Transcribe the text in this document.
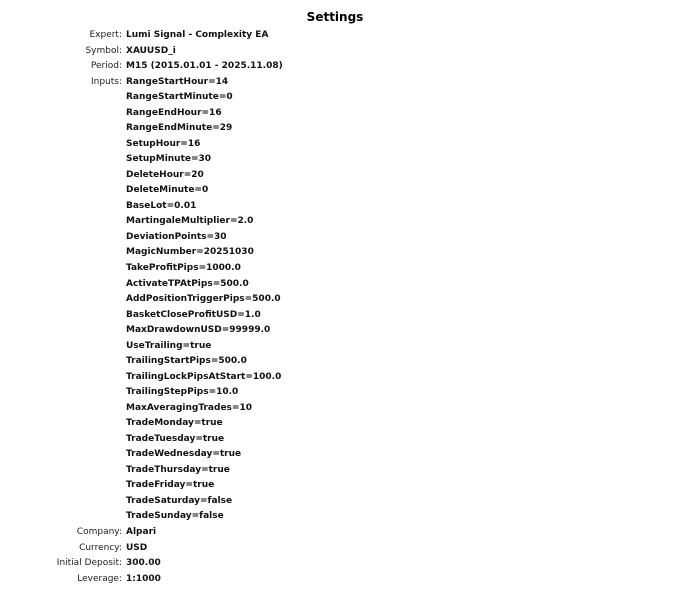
Settings
Expert: Lumi Signal - Complexity EA
Symbol: XAUUSD_i
Period: M15 (2015.01.01 - 2025.11.08)
Inputs: RangeStartHour=14
RangeStartMinute=0
RangeEndHour=16
RangeEndMinute=29
SetupHour=16
SetupMinute=30
DeleteHour=20
DeleteMinute=0
BaseLot=0.01
MartingaleMultiplier=2.0
DeviationPoints=30
MagicNumber=20251030
TakeProfitPips=1000.0
ActivateTPAtPips=500.0
AddPositionTriggerPips=500.0
BasketCloseProfitUSD=1.0
MaxDrawdownUSD=99999.0
UseTrailing=true
TrailingStartPips=500.0
TrailingLockPipsAtStart=100.0
TrailingStepPips=10.0
MaxAveragingTrades=10
TradeMonday=true
TradeTuesday=true
TradeWednesday=true
TradeThursday=true
TradeFriday=true
TradeSaturday=false
TradeSunday=false
Company: Alpari
Currency: USD
Initial Deposit: 300.00
Leverage: 1:1000
